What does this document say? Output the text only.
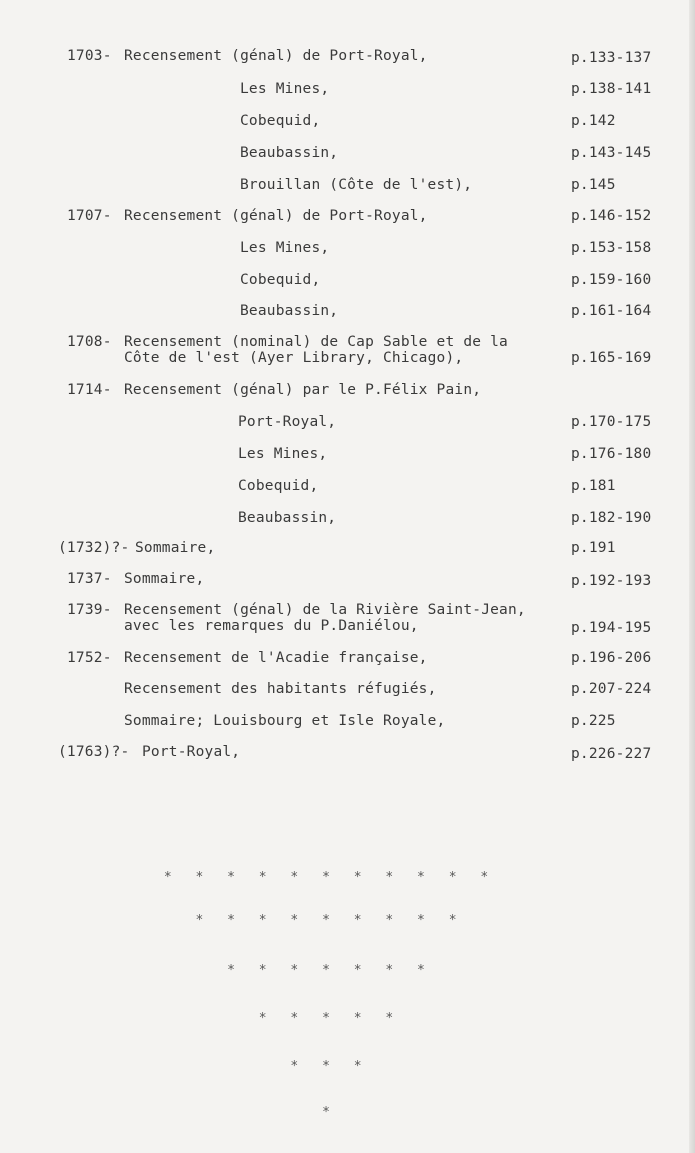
1703- Recensement (génal) de Port-Royal,	p.133-137
Les Mines,	p.138-141
Cobequid,	p.142
Beaubassin,	p.143-145
Brouillan (Côte de l'est),	p.145
1707- Recensement (génal) de Port-Royal,	p.146-152
Les Mines,	p.153-158
Cobequid,	p.159-160
Beaubassin,	p.161-164
1708- Recensement (nominal) de Cap Sable et de la
Côte de l'est (Ayer Library, Chicago),	p.165-169
1714- Recensement (génal) par le P.Félix Pain,
Port-Royal,	p.170-175
Les Mines,	p.176-180
Cobequid,	p.181
Beaubassin,	p.182-190
(1732)?- Sommaire,	p.191
1737- Sommaire,	p.192-193
1739- Recensement (génal) de la Rivière Saint-Jean,
avec les remarques du P.Daniélou,	p.194-195
1752- Recensement de l'Acadie française,	p.196-206
Recensement des habitants réfugiés,	p.207-224
Sommaire; Louisbourg et Isle Royale,	p.225
(1763)?- Port-Royal,	p.226-227
* * * * * * * * * * *
* * * * * * * * *
* * * * * * *
* * * * *
* * *
*
